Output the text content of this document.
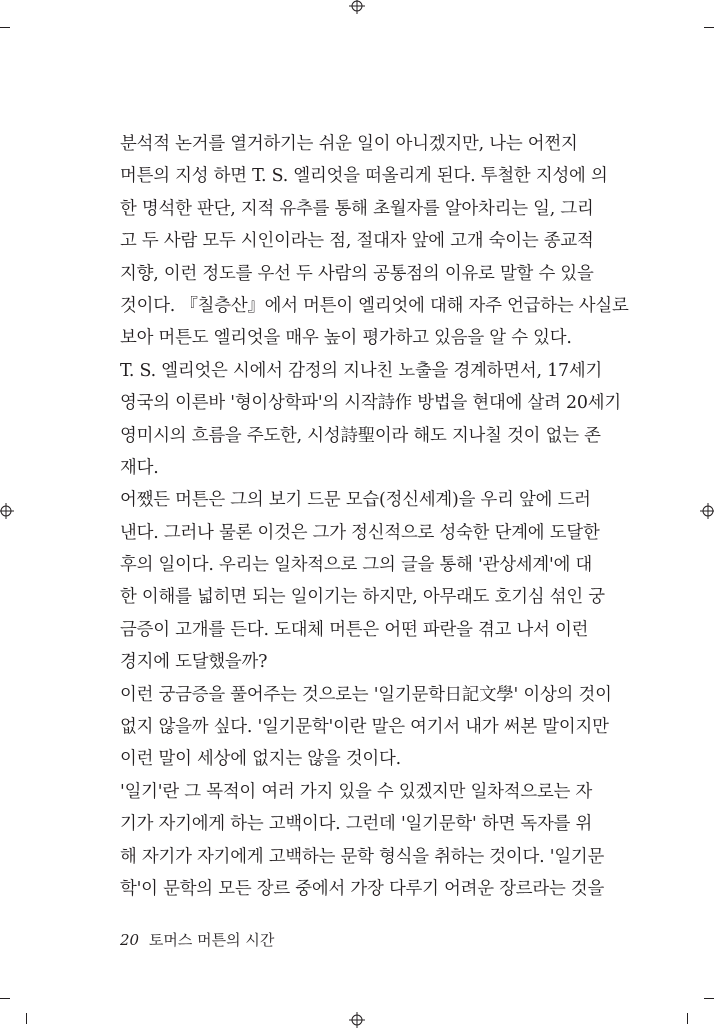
분석적 논거를 열거하기는 쉬운 일이 아니겠지만, 나는 어쩐지
머튼의 지성 하면 T. S. 엘리엇을 떠올리게 된다. 투철한 지성에 의
한 명석한 판단, 지적 유추를 통해 초월자를 알아차리는 일, 그리
고 두 사람 모두 시인이라는 점, 절대자 앞에 고개 숙이는 종교적
지향, 이런 정도를 우선 두 사람의 공통점의 이유로 말할 수 있을
것이다. 『칠층산』에서 머튼이 엘리엇에 대해 자주 언급하는 사실로
보아 머튼도 엘리엇을 매우 높이 평가하고 있음을 알 수 있다.
T. S. 엘리엇은 시에서 감정의 지나친 노출을 경계하면서, 17세기
영국의 이른바 '형이상학파'의 시작詩作 방법을 현대에 살려 20세기
영미시의 흐름을 주도한, 시성詩聖이라 해도 지나칠 것이 없는 존
재다.
어쨌든 머튼은 그의 보기 드문 모습(정신세계)을 우리 앞에 드러
낸다. 그러나 물론 이것은 그가 정신적으로 성숙한 단계에 도달한
후의 일이다. 우리는 일차적으로 그의 글을 통해 '관상세계'에 대
한 이해를 넓히면 되는 일이기는 하지만, 아무래도 호기심 섞인 궁
금증이 고개를 든다. 도대체 머튼은 어떤 파란을 겪고 나서 이런
경지에 도달했을까?
이런 궁금증을 풀어주는 것으로는 '일기문학日記文學' 이상의 것이
없지 않을까 싶다. '일기문학'이란 말은 여기서 내가 써본 말이지만
이런 말이 세상에 없지는 않을 것이다.
'일기'란 그 목적이 여러 가지 있을 수 있겠지만 일차적으로는 자
기가 자기에게 하는 고백이다. 그런데 '일기문학' 하면 독자를 위
해 자기가 자기에게 고백하는 문학 형식을 취하는 것이다. '일기문
학'이 문학의 모든 장르 중에서 가장 다루기 어려운 장르라는 것을
20 토머스 머튼의 시간
